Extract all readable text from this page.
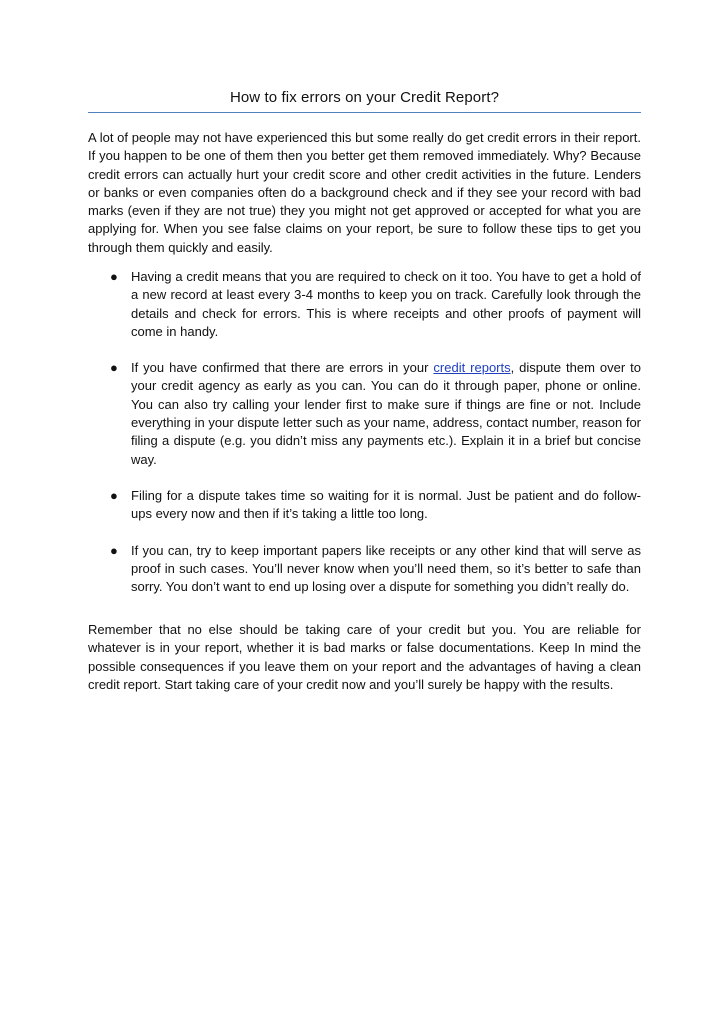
How to fix errors on your Credit Report?

A lot of people may not have experienced this but some really do get credit errors in their report. If you happen to be one of them then you better get them removed immediately. Why? Because credit errors can actually hurt your credit score and other credit activities in the future. Lenders or banks or even companies often do a background check and if they see your record with bad marks (even if they are not true) they you might not get approved or accepted for what you are applying for. When you see false claims on your report, be sure to follow these tips to get you through them quickly and easily.

● Having a credit means that you are required to check on it too. You have to get a hold of a new record at least every 3-4 months to keep you on track. Carefully look through the details and check for errors. This is where receipts and other proofs of payment will come in handy.
● If you have confirmed that there are errors in your credit reports, dispute them over to your credit agency as early as you can. You can do it through paper, phone or online. You can also try calling your lender first to make sure if things are fine or not. Include everything in your dispute letter such as your name, address, contact number, reason for filing a dispute (e.g. you didn’t miss any payments etc.). Explain it in a brief but concise way.
● Filing for a dispute takes time so waiting for it is normal. Just be patient and do follow-ups every now and then if it’s taking a little too long.
● If you can, try to keep important papers like receipts or any other kind that will serve as proof in such cases. You’ll never know when you’ll need them, so it’s better to safe than sorry. You don’t want to end up losing over a dispute for something you didn’t really do.

Remember that no else should be taking care of your credit but you. You are reliable for whatever is in your report, whether it is bad marks or false documentations. Keep In mind the possible consequences if you leave them on your report and the advantages of having a clean credit report. Start taking care of your credit now and you’ll surely be happy with the results.
